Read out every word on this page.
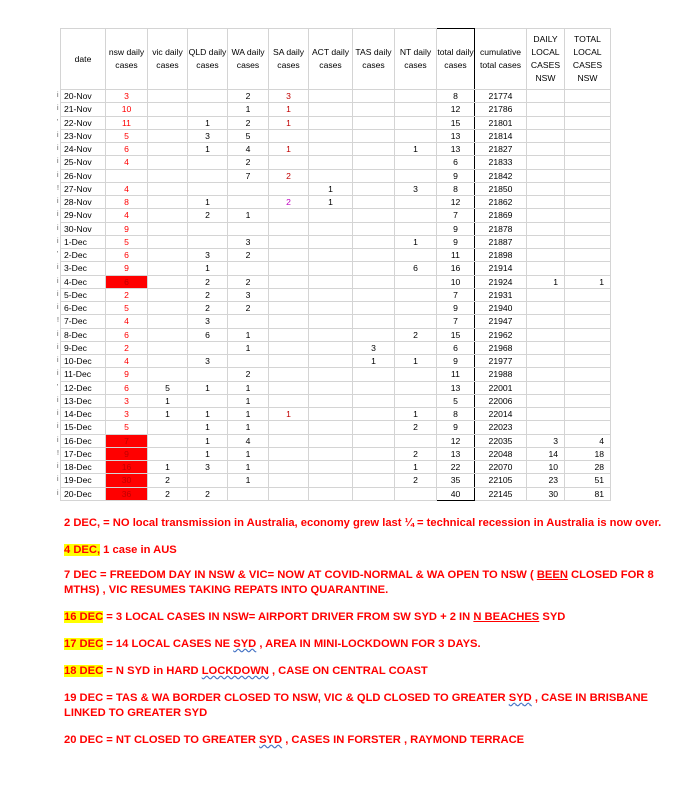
date	nsw daily cases	vic daily cases	QLD daily cases	WA daily cases	SA daily cases	ACT daily cases	TAS daily cases	NT daily cases	total daily cases	cumulative total cases	DAILY LOCAL CASES NSW	TOTAL LOCAL CASES NSW
20-Nov	3			2	3				8	21774		
21-Nov	10			1	1				12	21786		
22-Nov	11		1	2	1				15	21801		
23-Nov	5		3	5					13	21814		
24-Nov	6		1	4	1			1	13	21827		
25-Nov	4			2					6	21833		
26-Nov				7	2				9	21842		
27-Nov	4					1		3	8	21850		
28-Nov	8		1		2	1			12	21862		
29-Nov	4		2	1					7	21869		
30-Nov	9								9	21878		
1-Dec	5			3				1	9	21887		
2-Dec	6		3	2					11	21898		
3-Dec	9		1					6	16	21914		
4-Dec	6		2	2					10	21924	1	1
5-Dec	2		2	3					7	21931		
6-Dec	5		2	2					9	21940		
7-Dec	4		3						7	21947		
8-Dec	6		6	1				2	15	21962		
9-Dec	2			1			3		6	21968		
10-Dec	4		3				1	1	9	21977		
11-Dec	9			2					11	21988		
12-Dec	6	5	1	1					13	22001		
13-Dec	3	1		1					5	22006		
14-Dec	3	1	1	1	1			1	8	22014		
15-Dec	5		1	1				2	9	22023		
16-Dec	7		1	4					12	22035	3	4
17-Dec	9		1	1				2	13	22048	14	18
18-Dec	16	1	3	1				1	22	22070	10	28
19-Dec	30	2		1				2	35	22105	23	51
20-Dec	36	2	2						40	22145	30	81
i
i
'
i
i
i
i
!
i
i
i
i
'
i
i
i
i
!
i
i
i
i
'
i
i
i
i
!
i
i
i

2 DEC, = NO local transmission in Australia, economy grew last ¼ = technical recession in Australia is now over.

4 DEC, 1 case in AUS

7 DEC = FREEDOM DAY IN NSW & VIC= NOW AT COVID-NORMAL & WA OPEN TO NSW ( BEEN CLOSED FOR 8 MTHS) , VIC RESUMES TAKING REPATS INTO QUARANTINE.

16 DEC = 3 LOCAL CASES IN NSW= AIRPORT DRIVER FROM SW SYD + 2 IN N BEACHES SYD

17 DEC = 14 LOCAL CASES NE SYD , AREA IN MINI-LOCKDOWN FOR 3 DAYS.

18 DEC = N SYD in HARD LOCKDOWN , CASE ON CENTRAL COAST

19 DEC = TAS & WA BORDER CLOSED TO NSW, VIC & QLD CLOSED TO GREATER SYD , CASE IN BRISBANE LINKED TO GREATER SYD

20 DEC = NT CLOSED TO GREATER SYD , CASES IN FORSTER , RAYMOND TERRACE
